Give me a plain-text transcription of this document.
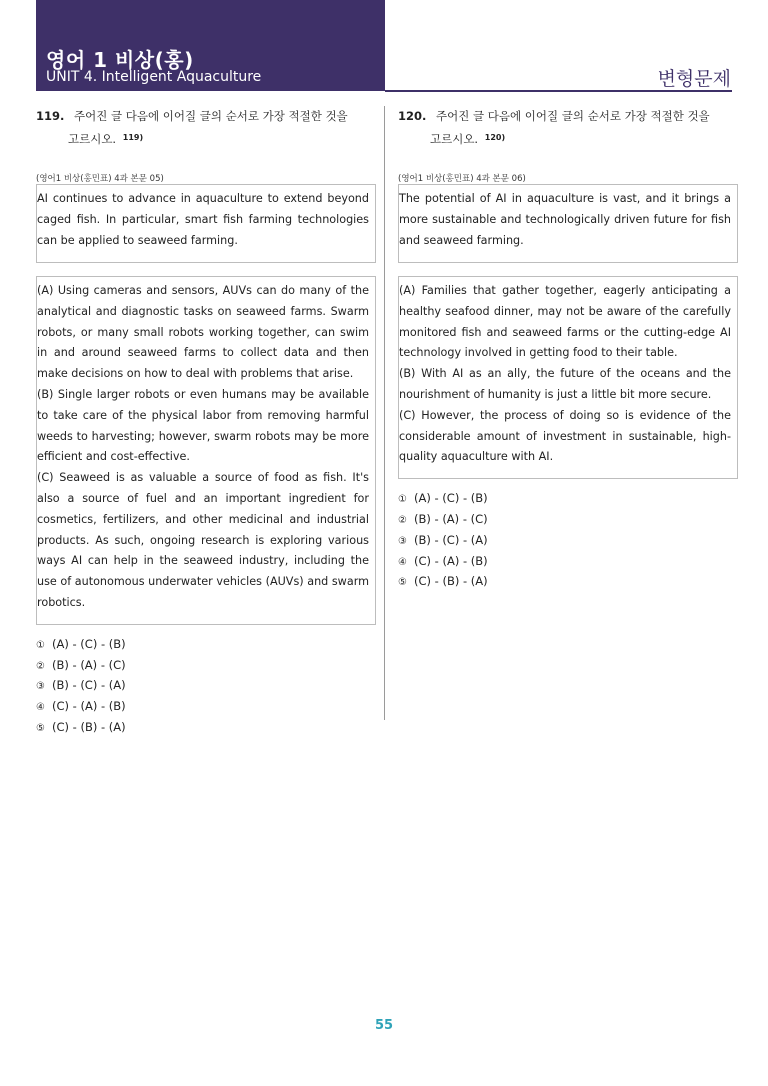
영어 1 비상(홍)
UNIT 4. Intelligent Aquaculture	변형문제
119. 주어진 글 다음에 이어질 글의 순서로 가장 적절한 것을
고르시오. $^{119)}$
(영어1 비상(홍민표) 4과 본문 05)

AI continues to advance in aquaculture to extend beyond caged fish. In particular, smart fish farming technologies can be applied to seaweed farming.

(A) Using cameras and sensors, AUVs can do many of the analytical and diagnostic tasks on seaweed farms. Swarm robots, or many small robots working together, can swim in and around seaweed farms to collect data and then make decisions on how to deal with problems that arise.

(B) Single larger robots or even humans may be available to take care of the physical labor from removing harmful weeds to harvesting; however, swarm robots may be more efficient and cost-effective.

(C) Seaweed is as valuable a source of food as fish. It's also a source of fuel and an important ingredient for cosmetics, fertilizers, and other medicinal and industrial products. As such, ongoing research is exploring various ways AI can help in the seaweed industry, including the use of autonomous underwater vehicles (AUVs) and swarm robotics.

① (A) - (C) - (B)
② (B) - (A) - (C)
③ (B) - (C) - (A)
④ (C) - (A) - (B)
⑤ (C) - (B) - (A)
120. 주어진 글 다음에 이어질 글의 순서로 가장 적절한 것을
고르시오. $^{120)}$
(영어1 비상(홍민표) 4과 본문 06)

The potential of AI in aquaculture is vast, and it brings a more sustainable and technologically driven future for fish and seaweed farming.

(A) Families that gather together, eagerly anticipating a healthy seafood dinner, may not be aware of the carefully monitored fish and seaweed farms or the cutting-edge AI technology involved in getting food to their table.

(B) With AI as an ally, the future of the oceans and the nourishment of humanity is just a little bit more secure.

(C) However, the process of doing so is evidence of the considerable amount of investment in sustainable, high-quality aquaculture with AI.

① (A) - (C) - (B)
② (B) - (A) - (C)
③ (B) - (C) - (A)
④ (C) - (A) - (B)
⑤ (C) - (B) - (A)
55
